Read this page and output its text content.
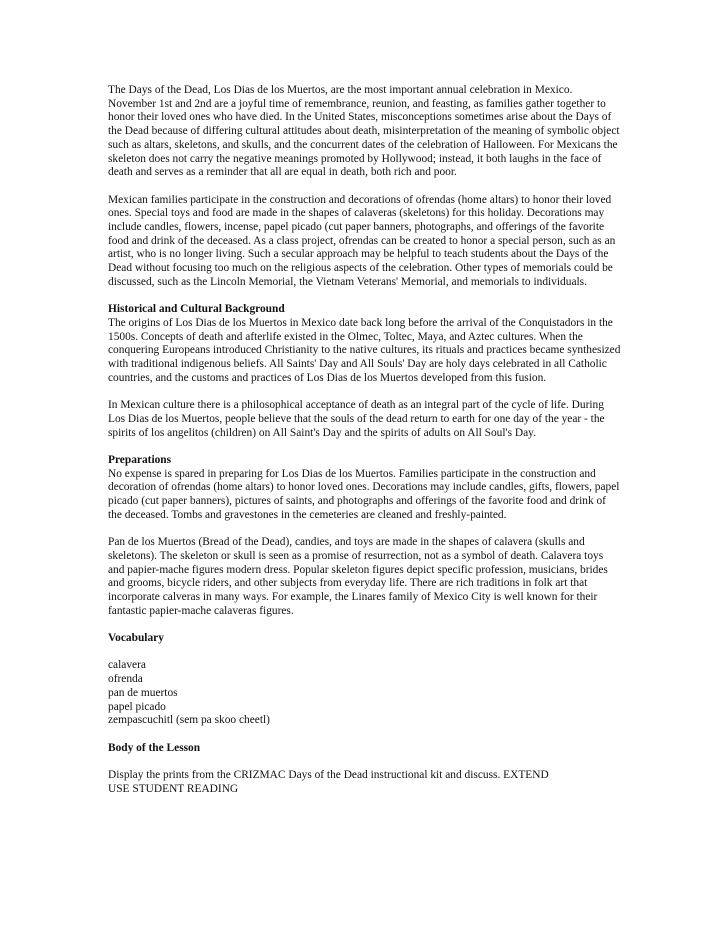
The Days of the Dead, Los Dias de los Muertos, are the most important annual celebration in Mexico. November 1st and 2nd are a joyful time of remembrance, reunion, and feasting, as families gather together to honor their loved ones who have died. In the United States, misconceptions sometimes arise about the Days of the Dead because of differing cultural attitudes about death, misinterpretation of the meaning of symbolic object such as altars, skeletons, and skulls, and the concurrent dates of the celebration of Halloween. For Mexicans the skeleton does not carry the negative meanings promoted by Hollywood; instead, it both laughs in the face of death and serves as a reminder that all are equal in death, both rich and poor.

Mexican families participate in the construction and decorations of ofrendas (home altars) to honor their loved ones. Special toys and food are made in the shapes of calaveras (skeletons) for this holiday. Decorations may include candles, flowers, incense, papel picado (cut paper banners, photographs, and offerings of the favorite food and drink of the deceased. As a class project, ofrendas can be created to honor a special person, such as an artist, who is no longer living. Such a secular approach may be helpful to teach students about the Days of the Dead without focusing too much on the religious aspects of the celebration. Other types of memorials could be discussed, such as the Lincoln Memorial, the Vietnam Veterans' Memorial, and memorials to individuals.

Historical and Cultural Background
The origins of Los Dias de los Muertos in Mexico date back long before the arrival of the Conquistadors in the 1500s. Concepts of death and afterlife existed in the Olmec, Toltec, Maya, and Aztec cultures. When the conquering Europeans introduced Christianity to the native cultures, its rituals and practices became synthesized with traditional indigenous beliefs. All Saints' Day and All Souls' Day are holy days celebrated in all Catholic countries, and the customs and practices of Los Dias de los Muertos developed from this fusion.

In Mexican culture there is a philosophical acceptance of death as an integral part of the cycle of life. During Los Dias de los Muertos, people believe that the souls of the dead return to earth for one day of the year - the spirits of los angelitos (children) on All Saint's Day and the spirits of adults on All Soul's Day.

Preparations
No expense is spared in preparing for Los Dias de los Muertos. Families participate in the construction and decoration of ofrendas (home altars) to honor loved ones. Decorations may include candles, gifts, flowers, papel picado (cut paper banners), pictures of saints, and photographs and offerings of the favorite food and drink of the deceased. Tombs and gravestones in the cemeteries are cleaned and freshly-painted.

Pan de los Muertos (Bread of the Dead), candies, and toys are made in the shapes of calavera (skulls and skeletons). The skeleton or skull is seen as a promise of resurrection, not as a symbol of death. Calavera toys and papier-mache figures modern dress. Popular skeleton figures depict specific profession, musicians, brides and grooms, bicycle riders, and other subjects from everyday life. There are rich traditions in folk art that incorporate calveras in many ways. For example, the Linares family of Mexico City is well known for their fantastic papier-mache calaveras figures.

Vocabulary

calavera
ofrenda
pan de muertos
papel picado
zempascuchitl (sem pa skoo cheetl)

Body of the Lesson

Display the prints from the CRIZMAC Days of the Dead instructional kit and discuss. EXTEND
USE STUDENT READING
